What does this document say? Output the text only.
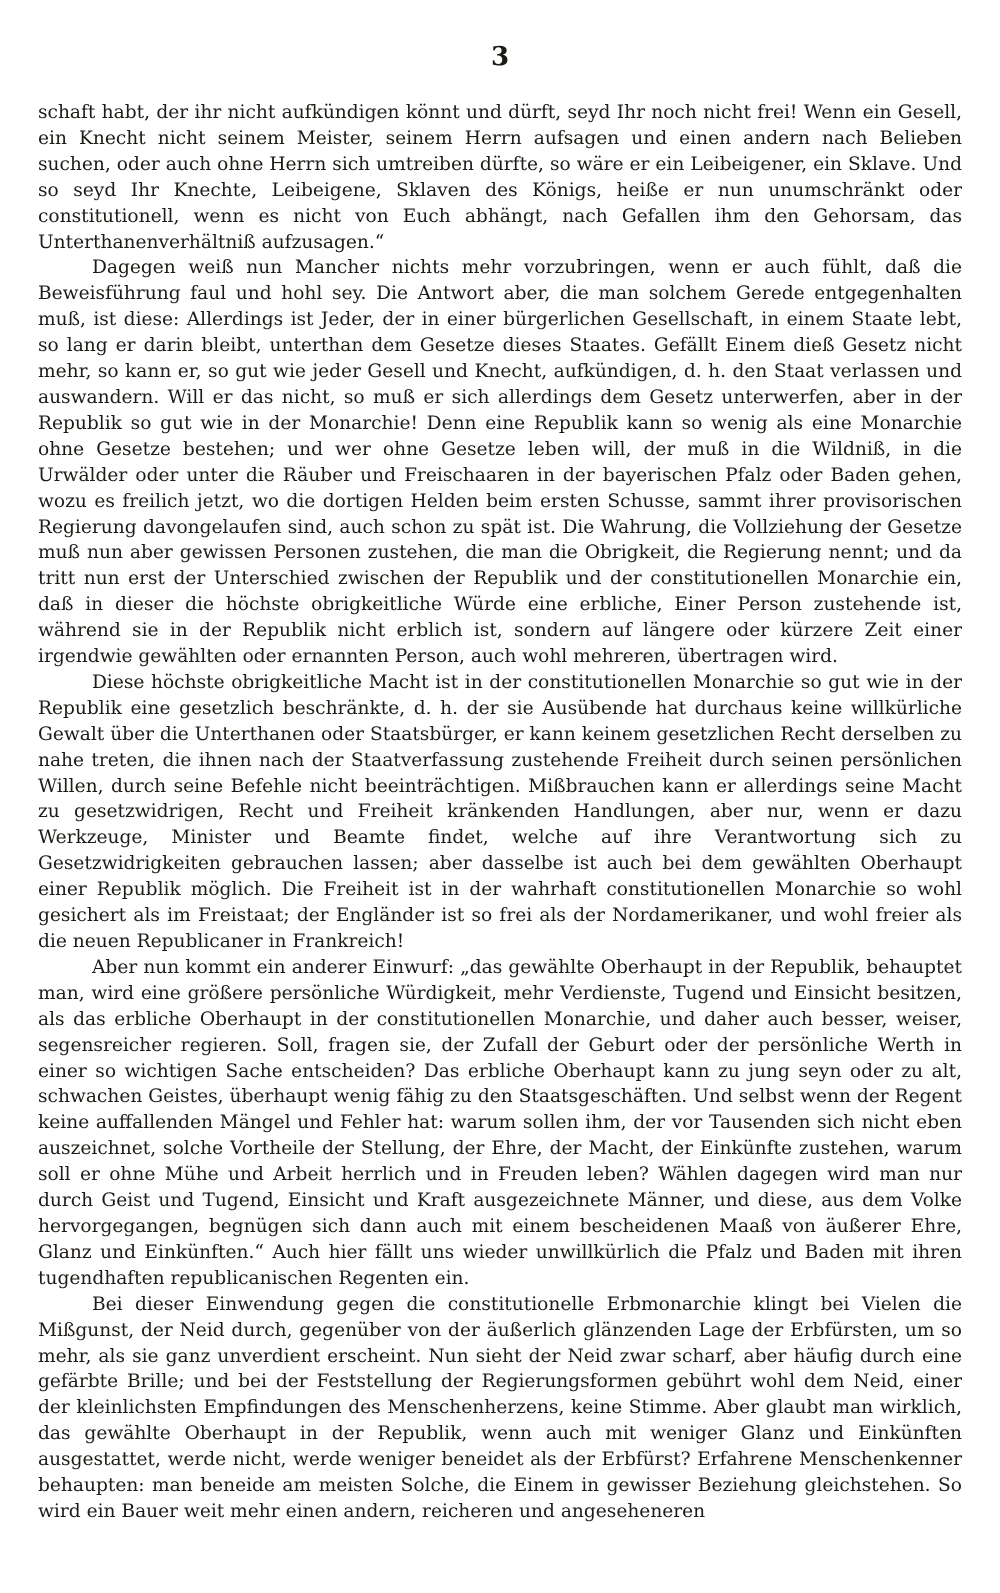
3

schaft habt, der ihr nicht aufkündigen könnt und dürft, seyd Ihr noch nicht frei! Wenn ein Gesell, ein Knecht nicht seinem Meister, seinem Herrn aufsagen und einen andern nach Belieben suchen, oder auch ohne Herrn sich umtreiben dürfte, so wäre er ein Leibeigener, ein Sklave. Und so seyd Ihr Knechte, Leibeigene, Sklaven des Königs, heiße er nun unumschränkt oder constitutionell, wenn es nicht von Euch abhängt, nach Gefallen ihm den Gehorsam, das Unterthanenverhältniß aufzusagen.“

Dagegen weiß nun Mancher nichts mehr vorzubringen, wenn er auch fühlt, daß die Beweisführung faul und hohl sey. Die Antwort aber, die man solchem Gerede entgegenhalten muß, ist diese: Allerdings ist Jeder, der in einer bürgerlichen Gesellschaft, in einem Staate lebt, so lang er darin bleibt, unterthan dem Gesetze dieses Staates. Gefällt Einem dieß Gesetz nicht mehr, so kann er, so gut wie jeder Gesell und Knecht, aufkündigen, d. h. den Staat verlassen und auswandern. Will er das nicht, so muß er sich allerdings dem Gesetz unterwerfen, aber in der Republik so gut wie in der Monarchie! Denn eine Republik kann so wenig als eine Monarchie ohne Gesetze bestehen; und wer ohne Gesetze leben will, der muß in die Wildniß, in die Urwälder oder unter die Räuber und Freischaaren in der bayerischen Pfalz oder Baden gehen, wozu es freilich jetzt, wo die dortigen Helden beim ersten Schusse, sammt ihrer provisorischen Regierung davongelaufen sind, auch schon zu spät ist. Die Wahrung, die Vollziehung der Gesetze muß nun aber gewissen Personen zustehen, die man die Obrigkeit, die Regierung nennt; und da tritt nun erst der Unterschied zwischen der Republik und der constitutionellen Monarchie ein, daß in dieser die höchste obrigkeitliche Würde eine erbliche, Einer Person zustehende ist, während sie in der Republik nicht erblich ist, sondern auf längere oder kürzere Zeit einer irgendwie gewählten oder ernannten Person, auch wohl mehreren, übertragen wird.

Diese höchste obrigkeitliche Macht ist in der constitutionellen Monarchie so gut wie in der Republik eine gesetzlich beschränkte, d. h. der sie Ausübende hat durchaus keine willkürliche Gewalt über die Unterthanen oder Staatsbürger, er kann keinem gesetzlichen Recht derselben zu nahe treten, die ihnen nach der Staatverfassung zustehende Freiheit durch seinen persönlichen Willen, durch seine Befehle nicht beeinträchtigen. Mißbrauchen kann er allerdings seine Macht zu gesetzwidrigen, Recht und Freiheit kränkenden Handlungen, aber nur, wenn er dazu Werkzeuge, Minister und Beamte findet, welche auf ihre Verantwortung sich zu Gesetzwidrigkeiten gebrauchen lassen; aber dasselbe ist auch bei dem gewählten Oberhaupt einer Republik möglich. Die Freiheit ist in der wahrhaft constitutionellen Monarchie so wohl gesichert als im Freistaat; der Engländer ist so frei als der Nordamerikaner, und wohl freier als die neuen Republicaner in Frankreich!

Aber nun kommt ein anderer Einwurf: „das gewählte Oberhaupt in der Republik, behauptet man, wird eine größere persönliche Würdigkeit, mehr Verdienste, Tugend und Einsicht besitzen, als das erbliche Oberhaupt in der constitutionellen Monarchie, und daher auch besser, weiser, segensreicher regieren. Soll, fragen sie, der Zufall der Geburt oder der persönliche Werth in einer so wichtigen Sache entscheiden? Das erbliche Oberhaupt kann zu jung seyn oder zu alt, schwachen Geistes, überhaupt wenig fähig zu den Staatsgeschäften. Und selbst wenn der Regent keine auffallenden Mängel und Fehler hat: warum sollen ihm, der vor Tausenden sich nicht eben auszeichnet, solche Vortheile der Stellung, der Ehre, der Macht, der Einkünfte zustehen, warum soll er ohne Mühe und Arbeit herrlich und in Freuden leben? Wählen dagegen wird man nur durch Geist und Tugend, Einsicht und Kraft ausgezeichnete Männer, und diese, aus dem Volke hervorgegangen, begnügen sich dann auch mit einem bescheidenen Maaß von äußerer Ehre, Glanz und Einkünften.“ Auch hier fällt uns wieder unwillkürlich die Pfalz und Baden mit ihren tugendhaften republicanischen Regenten ein.

Bei dieser Einwendung gegen die constitutionelle Erbmonarchie klingt bei Vielen die Mißgunst, der Neid durch, gegenüber von der äußerlich glänzenden Lage der Erbfürsten, um so mehr, als sie ganz unverdient erscheint. Nun sieht der Neid zwar scharf, aber häufig durch eine gefärbte Brille; und bei der Feststellung der Regierungsformen gebührt wohl dem Neid, einer der kleinlichsten Empfindungen des Menschenherzens, keine Stimme. Aber glaubt man wirklich, das gewählte Oberhaupt in der Republik, wenn auch mit weniger Glanz und Einkünften ausgestattet, werde nicht, werde weniger beneidet als der Erbfürst? Erfahrene Menschenkenner behaupten: man beneide am meisten Solche, die Einem in gewisser Beziehung gleichstehen. So wird ein Bauer weit mehr einen andern, reicheren und angeseheneren
